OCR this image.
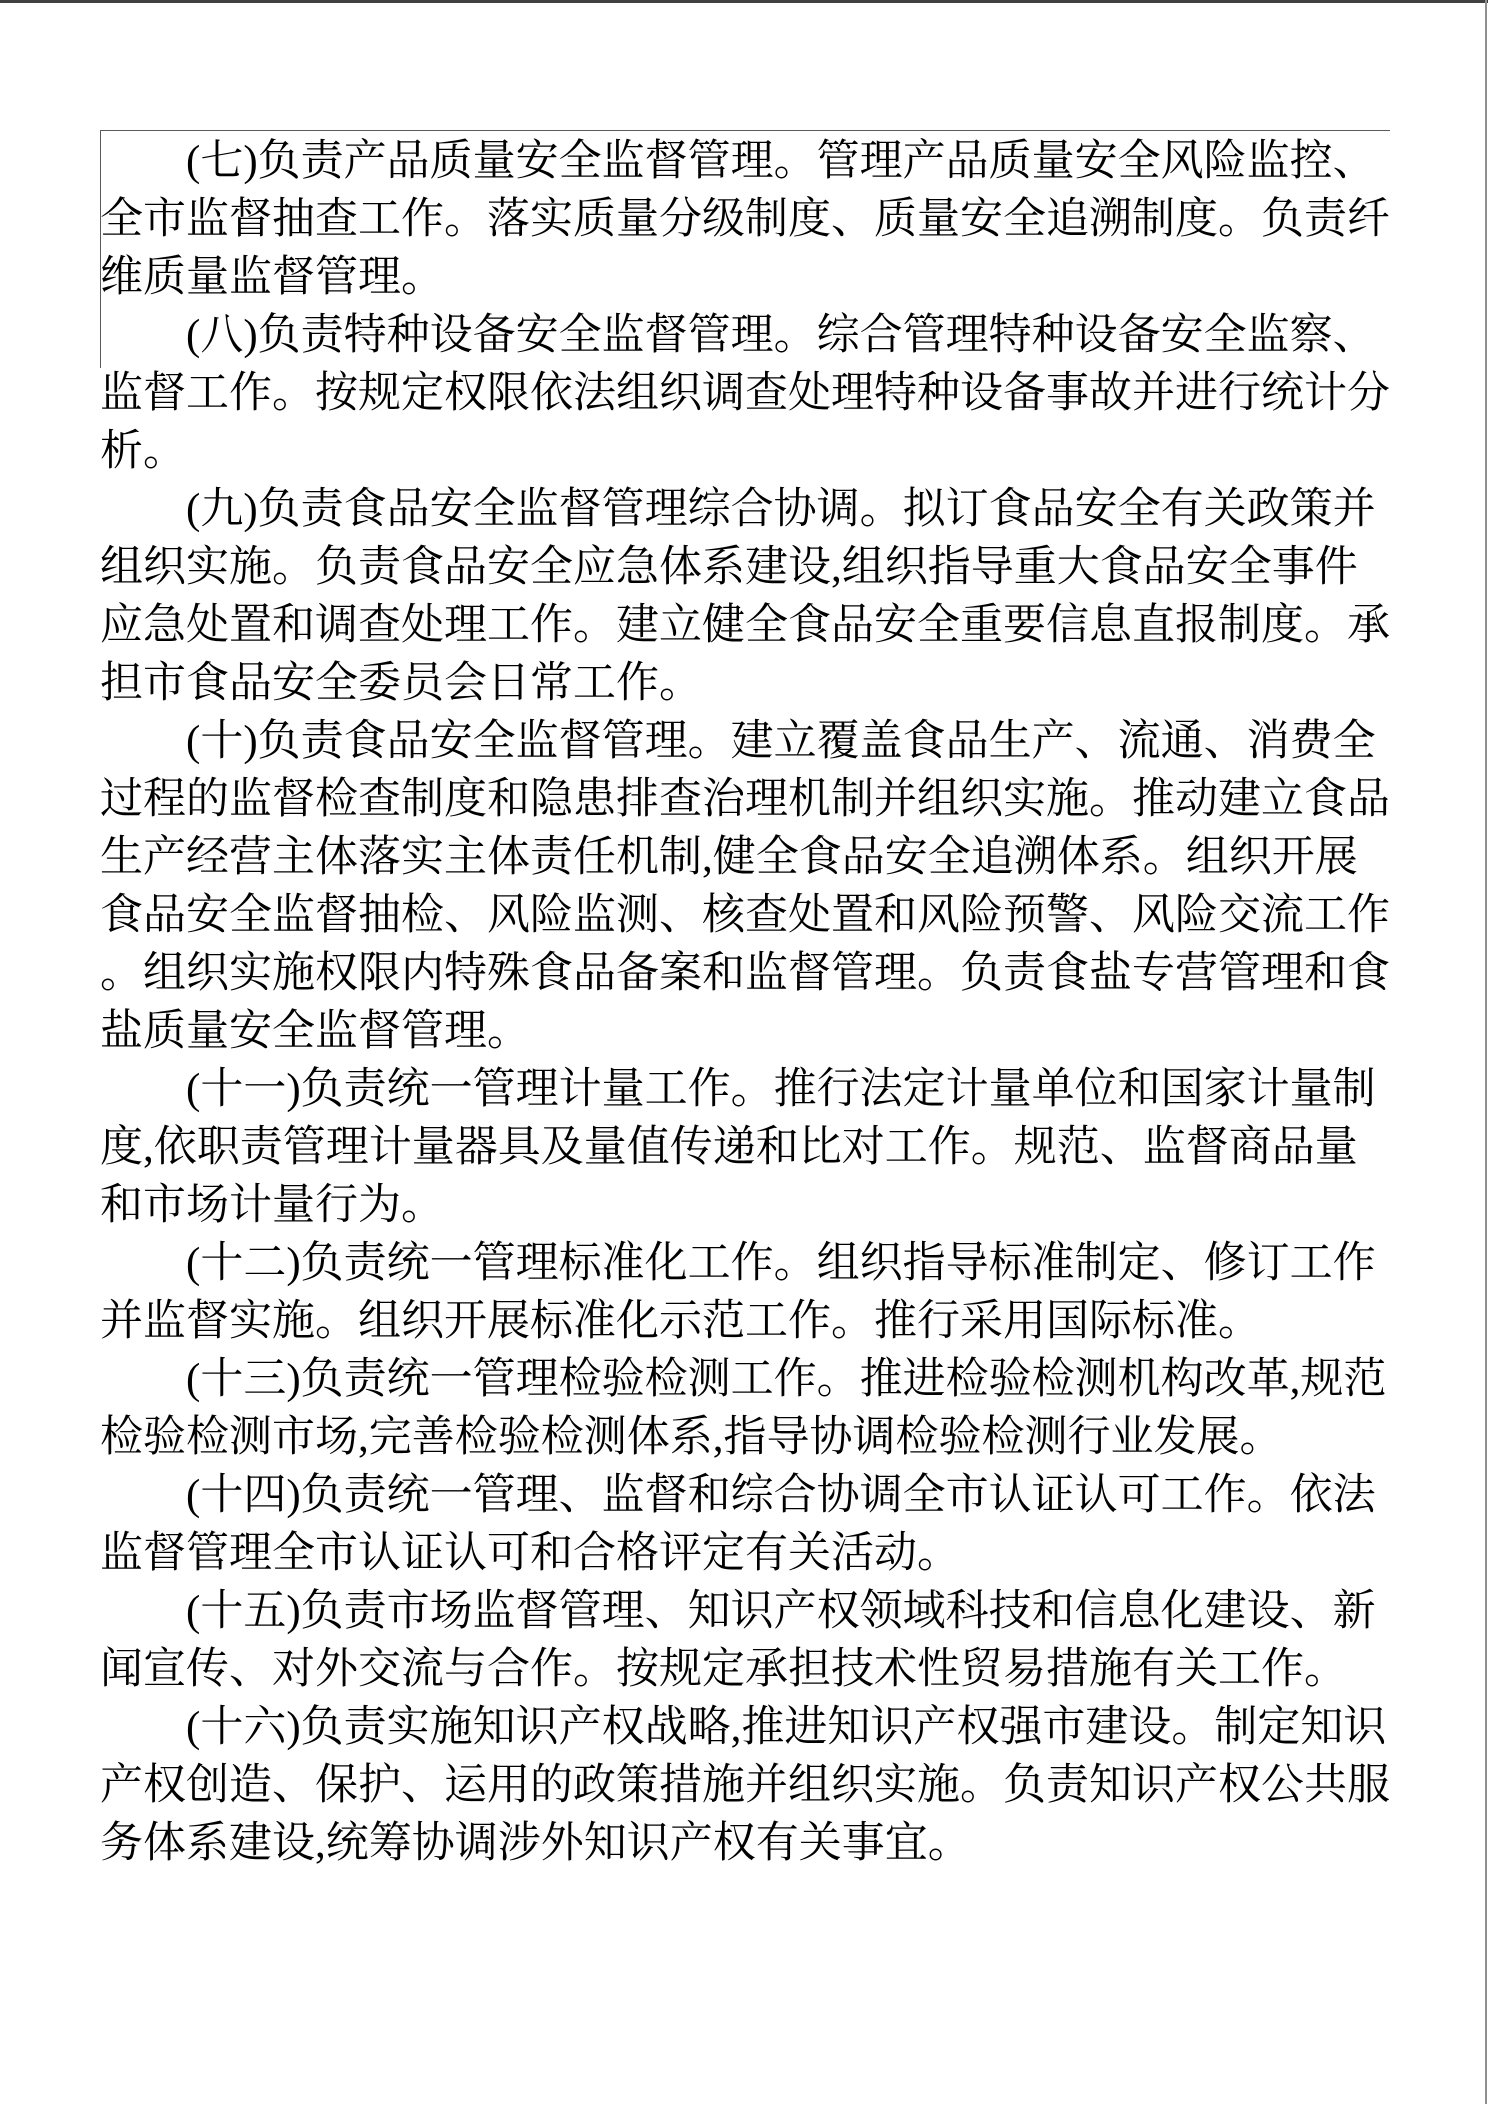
(七)负责产品质量安全监督管理。管理产品质量安全风险监控、全市监督抽查工作。落实质量分级制度、质量安全追溯制度。负责纤维质量监督管理。

(八)负责特种设备安全监督管理。综合管理特种设备安全监察、监督工作。按规定权限依法组织调查处理特种设备事故并进行统计分析。

(九)负责食品安全监督管理综合协调。拟订食品安全有关政策并组织实施。负责食品安全应急体系建设,组织指导重大食品安全事件应急处置和调查处理工作。建立健全食品安全重要信息直报制度。承担市食品安全委员会日常工作。

(十)负责食品安全监督管理。建立覆盖食品生产、流通、消费全过程的监督检查制度和隐患排查治理机制并组织实施。推动建立食品生产经营主体落实主体责任机制,健全食品安全追溯体系。组织开展食品安全监督抽检、风险监测、核查处置和风险预警、风险交流工作。组织实施权限内特殊食品备案和监督管理。负责食盐专营管理和食盐质量安全监督管理。

(十一)负责统一管理计量工作。推行法定计量单位和国家计量制度,依职责管理计量器具及量值传递和比对工作。规范、监督商品量和市场计量行为。

(十二)负责统一管理标准化工作。组织指导标准制定、修订工作并监督实施。组织开展标准化示范工作。推行采用国际标准。

(十三)负责统一管理检验检测工作。推进检验检测机构改革,规范检验检测市场,完善检验检测体系,指导协调检验检测行业发展。

(十四)负责统一管理、监督和综合协调全市认证认可工作。依法监督管理全市认证认可和合格评定有关活动。

(十五)负责市场监督管理、知识产权领域科技和信息化建设、新闻宣传、对外交流与合作。按规定承担技术性贸易措施有关工作。

(十六)负责实施知识产权战略,推进知识产权强市建设。制定知识产权创造、保护、运用的政策措施并组织实施。负责知识产权公共服务体系建设,统筹协调涉外知识产权有关事宜。
